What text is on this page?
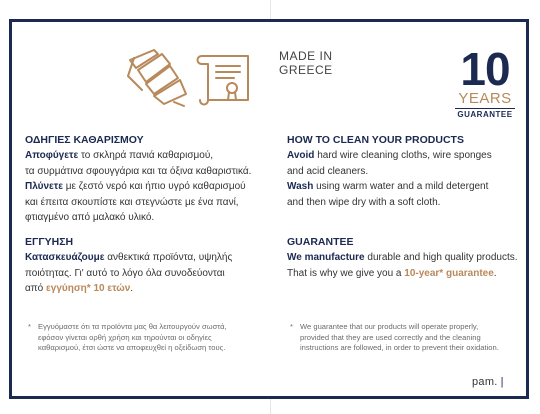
MADE IN
GREECE	10
YEARS
GUARANTEE
ΟΔΗΓΙΕΣ ΚΑΘΑΡΙΣΜΟΥ

Αποφύγετε το σκληρά πανιά καθαρισμού,
τα συρμάτινα σφουγγάρια και τα όξινα καθαριστικά.

Πλύνετε με ζεστό νερό και ήπιο υγρό καθαρισμού
και έπειτα σκουπίστε και στεγνώστε με ένα πανί,
φτιαγμένο από μαλακό υλικό.

ΕΓΓΥΗΣΗ

Κατασκευάζουμε ανθεκτικά προϊόντα, υψηλής
ποιότητας. Γι' αυτό το λόγο όλα συνοδεύονται
από εγγύηση* 10 ετών.

* Εγγυόμαστε ότι τα προϊόντα μας θα λειτουργούν σωστά,
εφόσον γίνεται ορθή χρήση και τηρούνται οι οδηγίες
καθαρισμού, έτσι ώστε να αποφευχθεί η οξείδωση τους.
HOW TO CLEAN YOUR PRODUCTS

Avoid hard wire cleaning cloths, wire sponges
and acid cleaners.

Wash using warm water and a mild detergent
and then wipe dry with a soft cloth.

GUARANTEE

We manufacture durable and high quality products.
That is why we give you a 10-year* guarantee.

* We guarantee that our products will operate properly,
provided that they are used correctly and the cleaning
instructions are followed, in order to prevent their oxidation.
pam. |
